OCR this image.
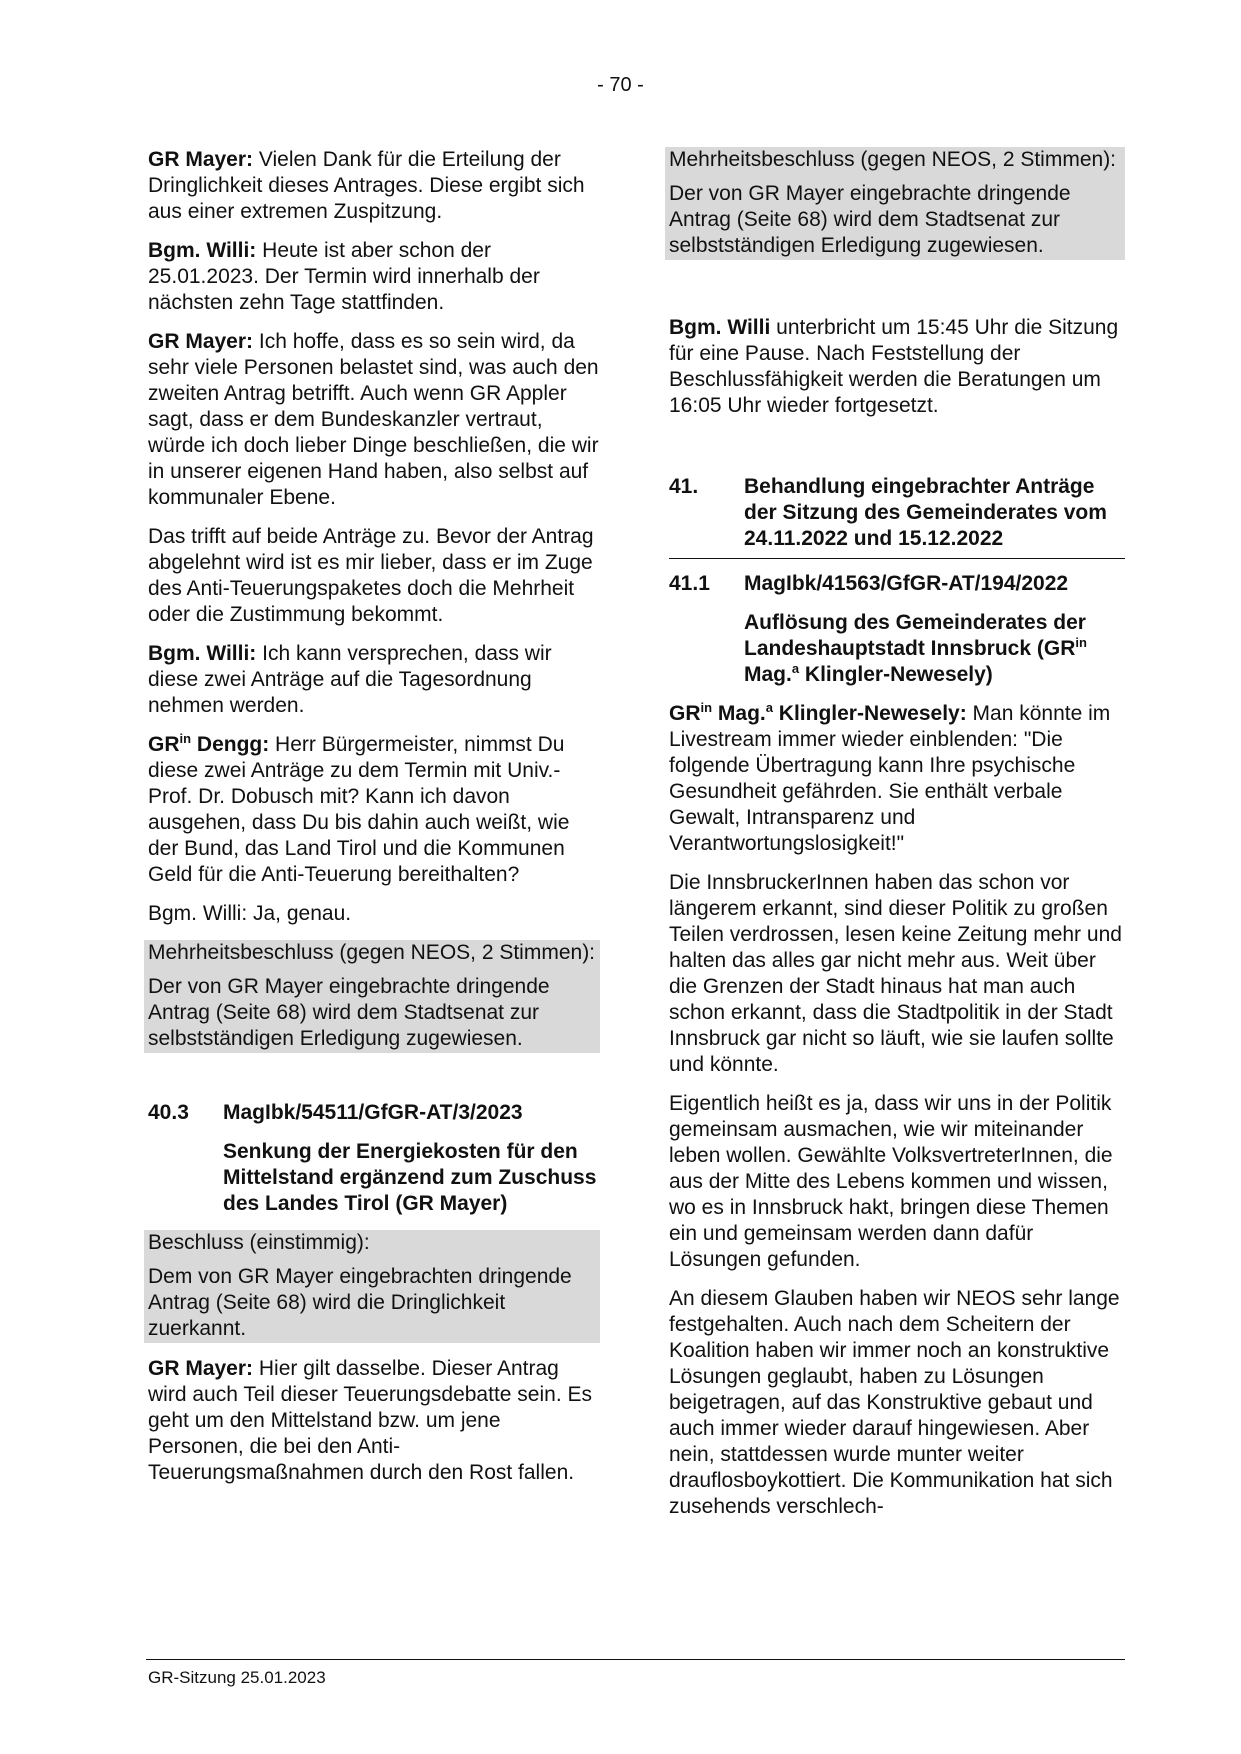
- 70 -

GR Mayer: Vielen Dank für die Erteilung der Dringlichkeit dieses Antrages. Diese ergibt sich aus einer extremen Zuspitzung.

Bgm. Willi: Heute ist aber schon der 25.01.2023. Der Termin wird innerhalb der nächsten zehn Tage stattfinden.

GR Mayer: Ich hoffe, dass es so sein wird, da sehr viele Personen belastet sind, was auch den zweiten Antrag betrifft. Auch wenn GR Appler sagt, dass er dem Bundeskanzler vertraut, würde ich doch lieber Dinge beschließen, die wir in unserer eigenen Hand haben, also selbst auf kommunaler Ebene.

Das trifft auf beide Anträge zu. Bevor der Antrag abgelehnt wird ist es mir lieber, dass er im Zuge des Anti-Teuerungspaketes doch die Mehrheit oder die Zustimmung bekommt.

Bgm. Willi: Ich kann versprechen, dass wir diese zwei Anträge auf die Tagesordnung nehmen werden.

$GR^{in}$ Dengg: Herr Bürgermeister, nimmst Du diese zwei Anträge zu dem Termin mit Univ.-Prof. Dr. Dobusch mit? Kann ich davon ausgehen, dass Du bis dahin auch weißt, wie der Bund, das Land Tirol und die Kommunen Geld für die Anti-Teuerung bereithalten?

Bgm. Willi: Ja, genau.

Mehrheitsbeschluss (gegen NEOS, 2 Stimmen):

Der von GR Mayer eingebrachte dringende Antrag (Seite 68) wird dem Stadtsenat zur selbstständigen Erledigung zugewiesen.

40.3	MagIbk/54511/GfGR-AT/3/2023
Senkung der Energiekosten für den Mittelstand ergänzend zum Zuschuss des Landes Tirol (GR Mayer)

Beschluss (einstimmig):

Dem von GR Mayer eingebrachten dringende Antrag (Seite 68) wird die Dringlichkeit zuerkannt.

GR Mayer: Hier gilt dasselbe. Dieser Antrag wird auch Teil dieser Teuerungsdebatte sein. Es geht um den Mittelstand bzw. um jene Personen, die bei den Anti-Teuerungsmaßnahmen durch den Rost fallen.

Mehrheitsbeschluss (gegen NEOS, 2 Stimmen):

Der von GR Mayer eingebrachte dringende Antrag (Seite 68) wird dem Stadtsenat zur selbstständigen Erledigung zugewiesen.

Bgm. Willi unterbricht um 15:45 Uhr die Sitzung für eine Pause. Nach Feststellung der Beschlussfähigkeit werden die Beratungen um 16:05 Uhr wieder fortgesetzt.

41.	Behandlung eingebrachter Anträge der Sitzung des Gemeinderates vom 24.11.2022 und 15.12.2022
41.1	MagIbk/41563/GfGR-AT/194/2022
Auflösung des Gemeinderates der Landeshauptstadt Innsbruck ($GR^{in}$ Mag.$^a$ Klingler-Newesely)

$GR^{in}$ Mag.$^a$ Klingler-Newesely: Man könnte im Livestream immer wieder einblenden: "Die folgende Übertragung kann Ihre psychische Gesundheit gefährden. Sie enthält verbale Gewalt, Intransparenz und Verantwortungslosigkeit!"

Die InnsbruckerInnen haben das schon vor längerem erkannt, sind dieser Politik zu großen Teilen verdrossen, lesen keine Zeitung mehr und halten das alles gar nicht mehr aus. Weit über die Grenzen der Stadt hinaus hat man auch schon erkannt, dass die Stadtpolitik in der Stadt Innsbruck gar nicht so läuft, wie sie laufen sollte und könnte.

Eigentlich heißt es ja, dass wir uns in der Politik gemeinsam ausmachen, wie wir miteinander leben wollen. Gewählte VolksvertreterInnen, die aus der Mitte des Lebens kommen und wissen, wo es in Innsbruck hakt, bringen diese Themen ein und gemeinsam werden dann dafür Lösungen gefunden.

An diesem Glauben haben wir NEOS sehr lange festgehalten. Auch nach dem Scheitern der Koalition haben wir immer noch an konstruktive Lösungen geglaubt, haben zu Lösungen beigetragen, auf das Konstruktive gebaut und auch immer wieder darauf hingewiesen. Aber nein, stattdessen wurde munter weiter drauflosboykottiert. Die Kommunikation hat sich zusehends verschlech-

GR-Sitzung 25.01.2023
